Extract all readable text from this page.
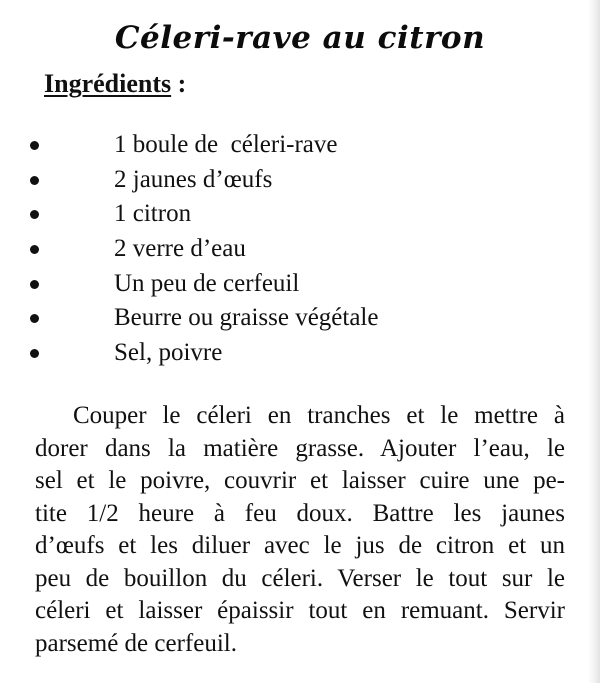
Céleri-rave au citron
Ingrédients :
1 boule de  céleri-rave
2 jaunes d’œufs
1 citron
2 verre d’eau
Un peu de cerfeuil
Beurre ou graisse végétale
Sel, poivre
Couper le céleri en tranches et le mettre à
dorer dans la matière grasse. Ajouter l’eau, le
sel et le poivre, couvrir et laisser cuire une pe-
tite 1/2 heure à feu doux. Battre les jaunes
d’œufs et les diluer avec le jus de citron et un
peu de bouillon du céleri. Verser le tout sur le
céleri et laisser épaissir tout en remuant. Servir
parsemé de cerfeuil.
